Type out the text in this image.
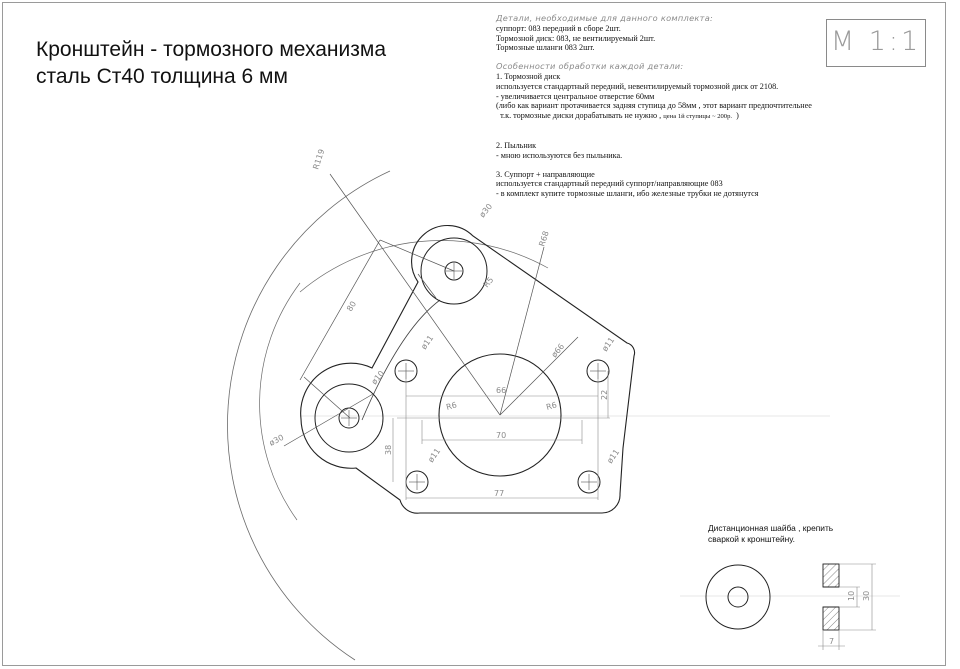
Кронштейн - тормозного механизма
сталь Ст40 толщина 6 мм
М 1:1
Детали, необходимые для данного комплекта:
суппорт: 083 передний в сборе 2шт.
Тормозной диск: 083, не вентилируемый 2шт.
Тормозные шланги 083 2шт.
Особенности обработки каждой детали:
1. Тормозной диск
используется стандартный передний, невентилируемый тормозной диск от 2108.
- увеличивается центральное отверстие 60мм
(либо как вариант протачивается задняя ступица до 58мм , этот вариант предпочтительнее
т.к. тормозные диски дорабатывать не нужно , цена 1й ступицы ~ 200р. )
2. Пыльник
- мною используются без пыльника.
3. Суппорт + направляющие
используется стандартный передний суппорт/направляющие 083
- в комплект купите тормозные шланги, ибо железные трубки не дотянутся
Дистанционная шайба , крепить
сваркой к кронштейну.
R119
R68
80
ø30
R5
ø10
ø30
ø11	ø11
ø11	ø11
ø66
66
70
77
R6	R6
22
38
10 30
7
